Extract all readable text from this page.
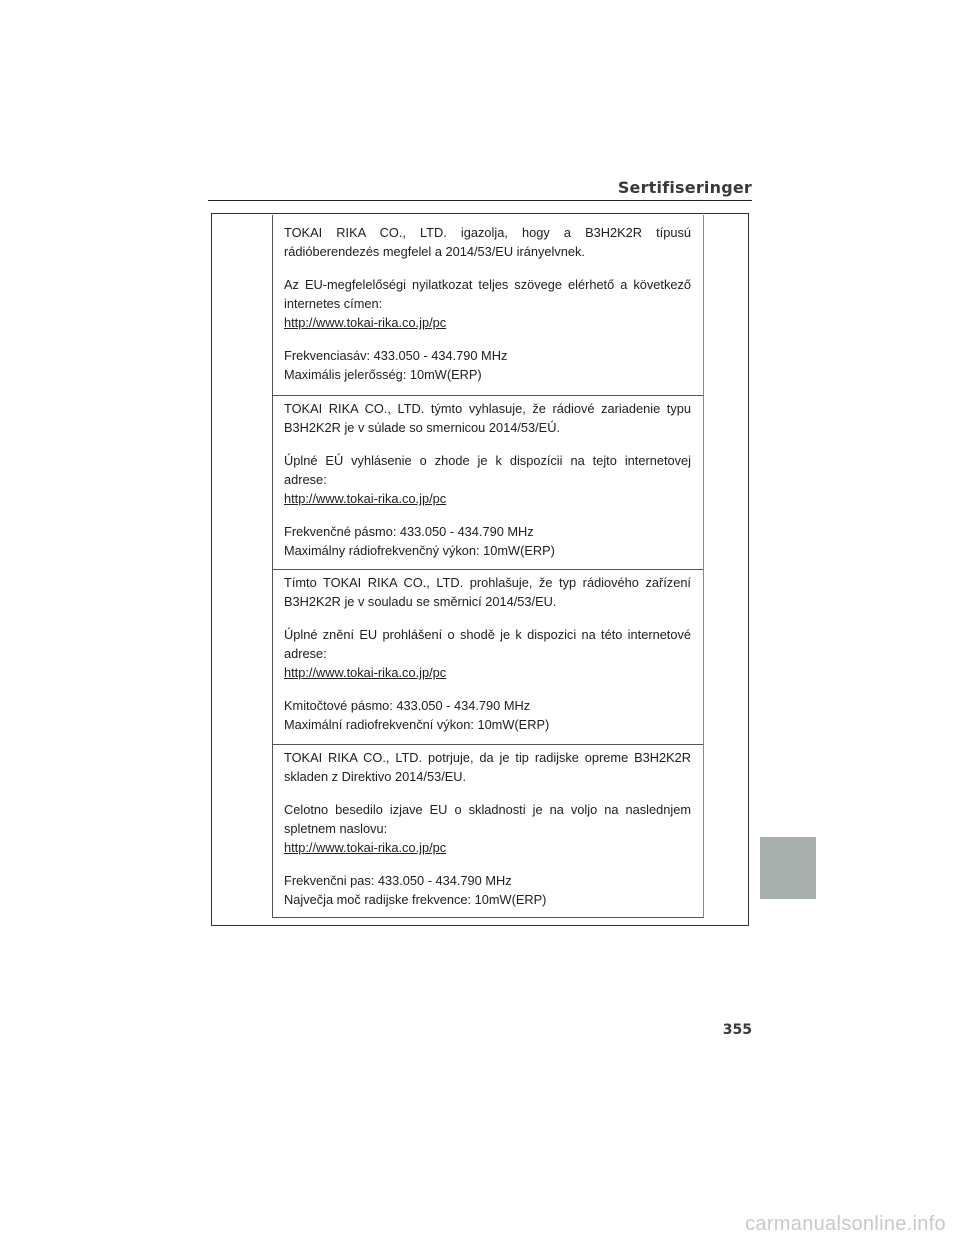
Sertifiseringer

TOKAI RIKA CO., LTD. igazolja, hogy a B3H2K2R típusú rádióberendezés megfelel a 2014/53/EU irányelvnek.

Az EU-megfelelőségi nyilatkozat teljes szövege elérhető a következő internetes címen:

http://www.tokai-rika.co.jp/pc

Frekvenciasáv: 433.050 - 434.790 MHz

Maximális jelerősség: 10mW(ERP)

TOKAI RIKA CO., LTD. týmto vyhlasuje, že rádiové zariadenie typu B3H2K2R je v súlade so smernicou 2014/53/EÚ.

Úplné EÚ vyhlásenie o zhode je k dispozícii na tejto internetovej adrese:

http://www.tokai-rika.co.jp/pc

Frekvenčné pásmo: 433.050 - 434.790 MHz

Maximálny rádiofrekvenčný výkon: 10mW(ERP)

Tímto TOKAI RIKA CO., LTD. prohlašuje, že typ rádiového zařízení B3H2K2R je v souladu se směrnicí 2014/53/EU.

Úplné znění EU prohlášení o shodě je k dispozici na této internetové adrese:

http://www.tokai-rika.co.jp/pc

Kmitočtové pásmo: 433.050 - 434.790 MHz

Maximální radiofrekvenční výkon: 10mW(ERP)

TOKAI RIKA CO., LTD. potrjuje, da je tip radijske opreme B3H2K2R skladen z Direktivo 2014/53/EU.

Celotno besedilo izjave EU o skladnosti je na voljo na naslednjem spletnem naslovu:

http://www.tokai-rika.co.jp/pc

Frekvenčni pas: 433.050 - 434.790 MHz

Največja moč radijske frekvence: 10mW(ERP)

355
carmanualsonline.info
